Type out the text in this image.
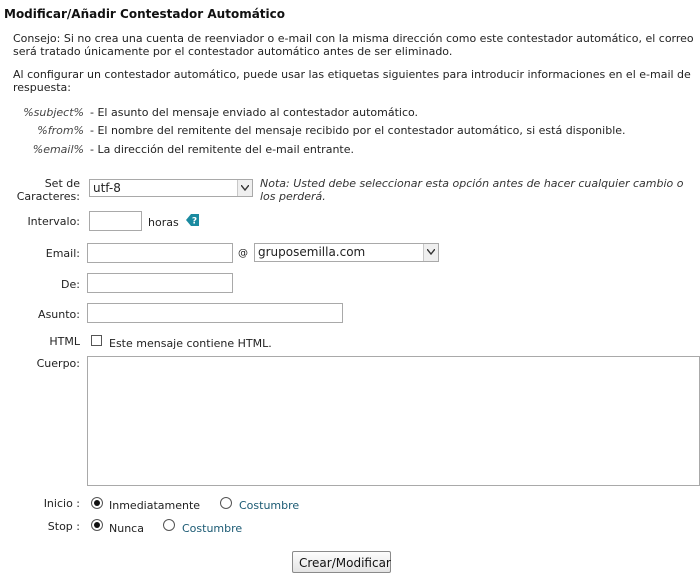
Modificar/Añadir Contestador Automático
Consejo: Si no crea una cuenta de reenviador o e-mail con la misma dirección como este contestador automático, el correo será tratado únicamente por el contestador automático antes de ser eliminado.
Al configurar un contestador automático, puede usar las etiquetas siguientes para introducir informaciones en el e-mail de respuesta:
%subject% - El asunto del mensaje enviado al contestador automático.
%from% - El nombre del remitente del mensaje recibido por el contestador automático, si está disponible.
%email% - La dirección del remitente del e-mail entrante.
Set de
Caracteres:
utf-8	Nota: Usted debe seleccionar esta opción antes de hacer cualquier cambio o los perderá.
Intervalo:	horas ?
Email:	@ gruposemilla.com
De:
Asunto:
HTML	Este mensaje contiene HTML.
Cuerpo:
Inicio :	Inmediatamente	Costumbre
Stop :	Nunca	Costumbre
Crear/Modificar
